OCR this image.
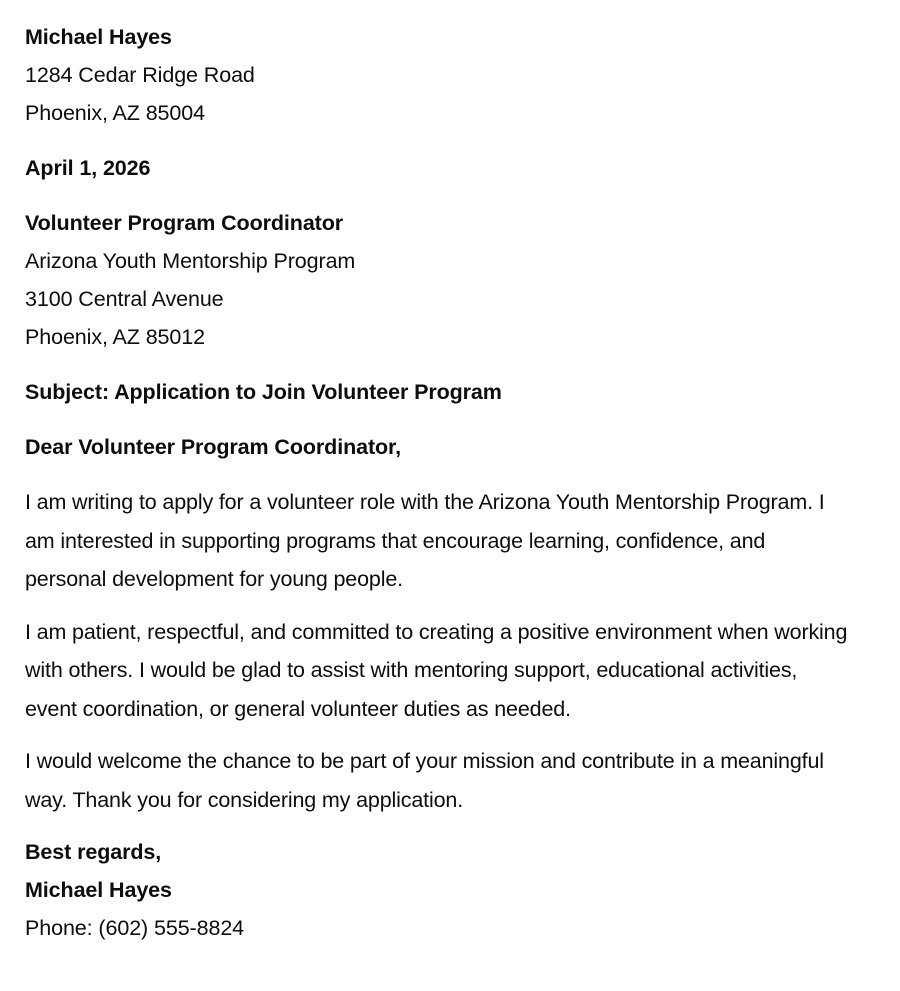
Michael Hayes
1284 Cedar Ridge Road
Phoenix, AZ 85004
April 1, 2026
Volunteer Program Coordinator
Arizona Youth Mentorship Program
3100 Central Avenue
Phoenix, AZ 85012
Subject: Application to Join Volunteer Program
Dear Volunteer Program Coordinator,

I am writing to apply for a volunteer role with the Arizona Youth Mentorship Program. I am interested in supporting programs that encourage learning, confidence, and personal development for young people.

I am patient, respectful, and committed to creating a positive environment when working with others. I would be glad to assist with mentoring support, educational activities, event coordination, or general volunteer duties as needed.

I would welcome the chance to be part of your mission and contribute in a meaningful way. Thank you for considering my application.

Best regards,
Michael Hayes
Phone: (602) 555-8824
